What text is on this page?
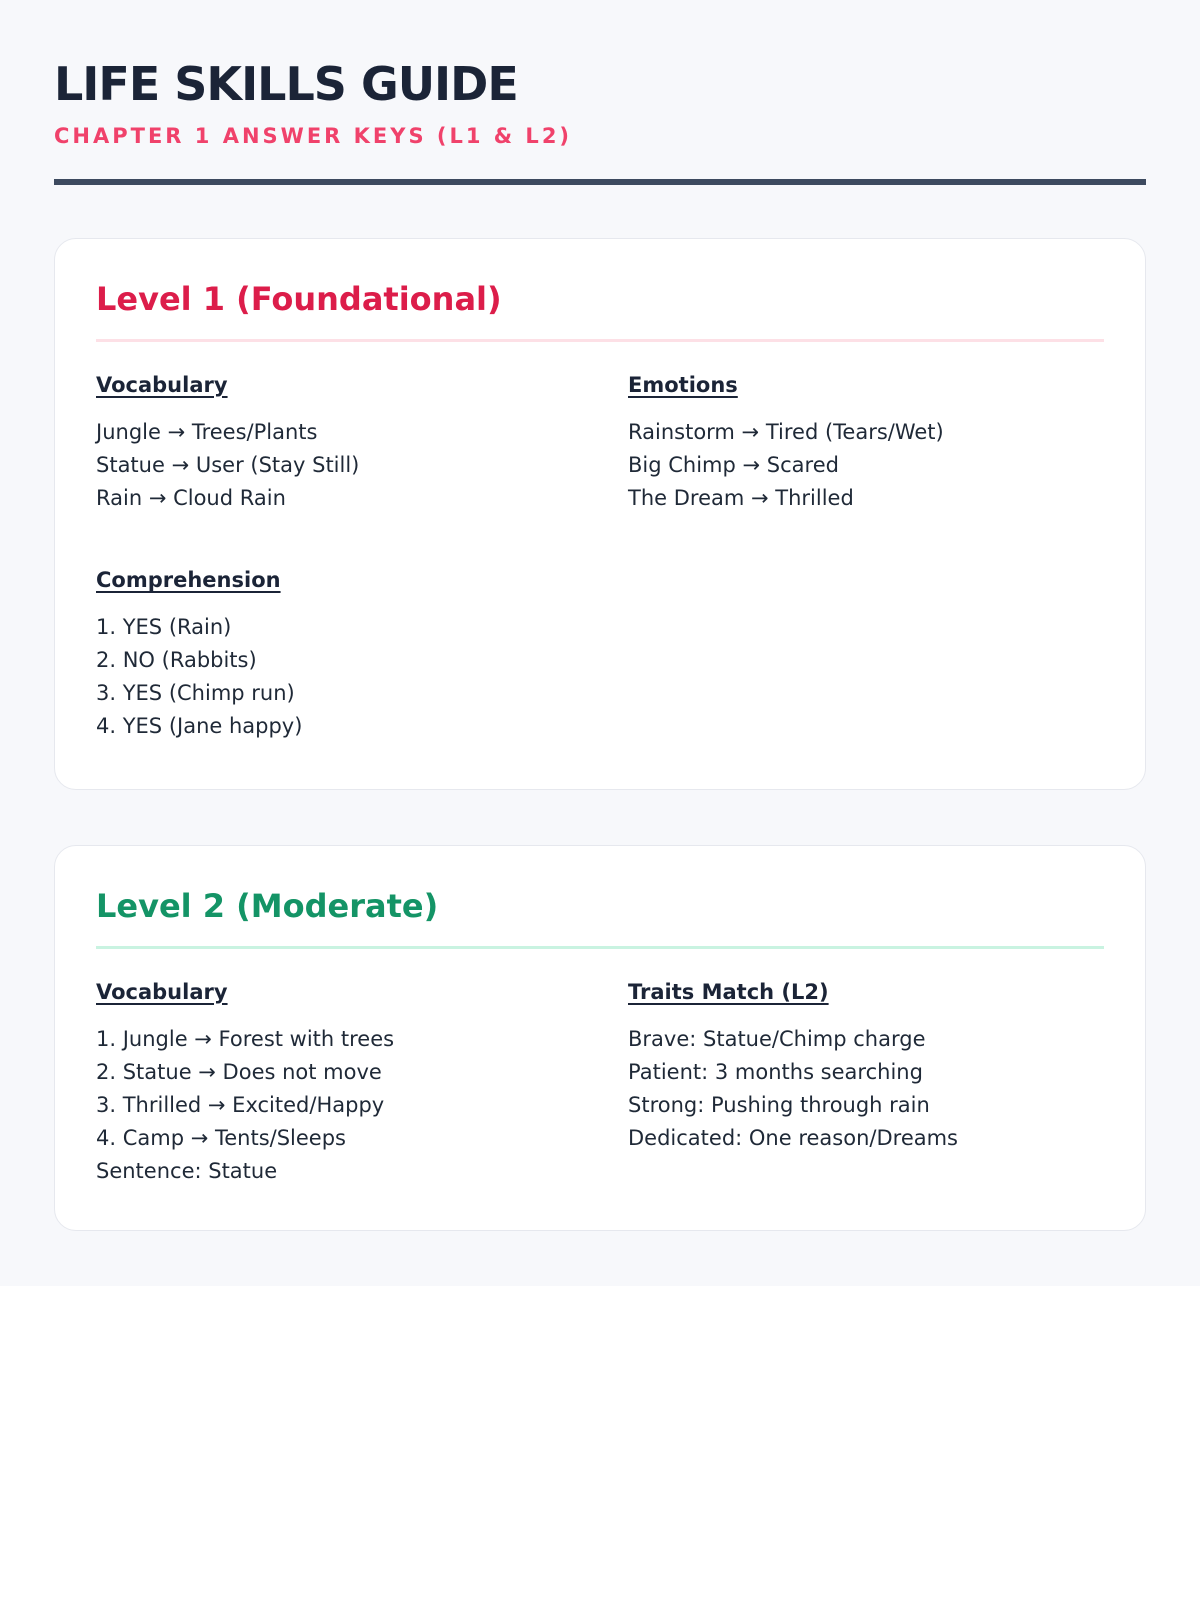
LIFE SKILLS GUIDE
CHAPTER 1 ANSWER KEYS (L1 & L2)
Level 1 (Foundational)
Vocabulary
Jungle → Trees/Plants
Statue → User (Stay Still)
Rain → Cloud Rain
Emotions
Rainstorm → Tired (Tears/Wet)
Big Chimp → Scared
The Dream → Thrilled
Comprehension
1. YES (Rain)
2. NO (Rabbits)
3. YES (Chimp run)
4. YES (Jane happy)
Level 2 (Moderate)
Vocabulary
1. Jungle → Forest with trees
2. Statue → Does not move
3. Thrilled → Excited/Happy
4. Camp → Tents/Sleeps
Sentence: Statue
Traits Match (L2)
Brave: Statue/Chimp charge
Patient: 3 months searching
Strong: Pushing through rain
Dedicated: One reason/Dreams
